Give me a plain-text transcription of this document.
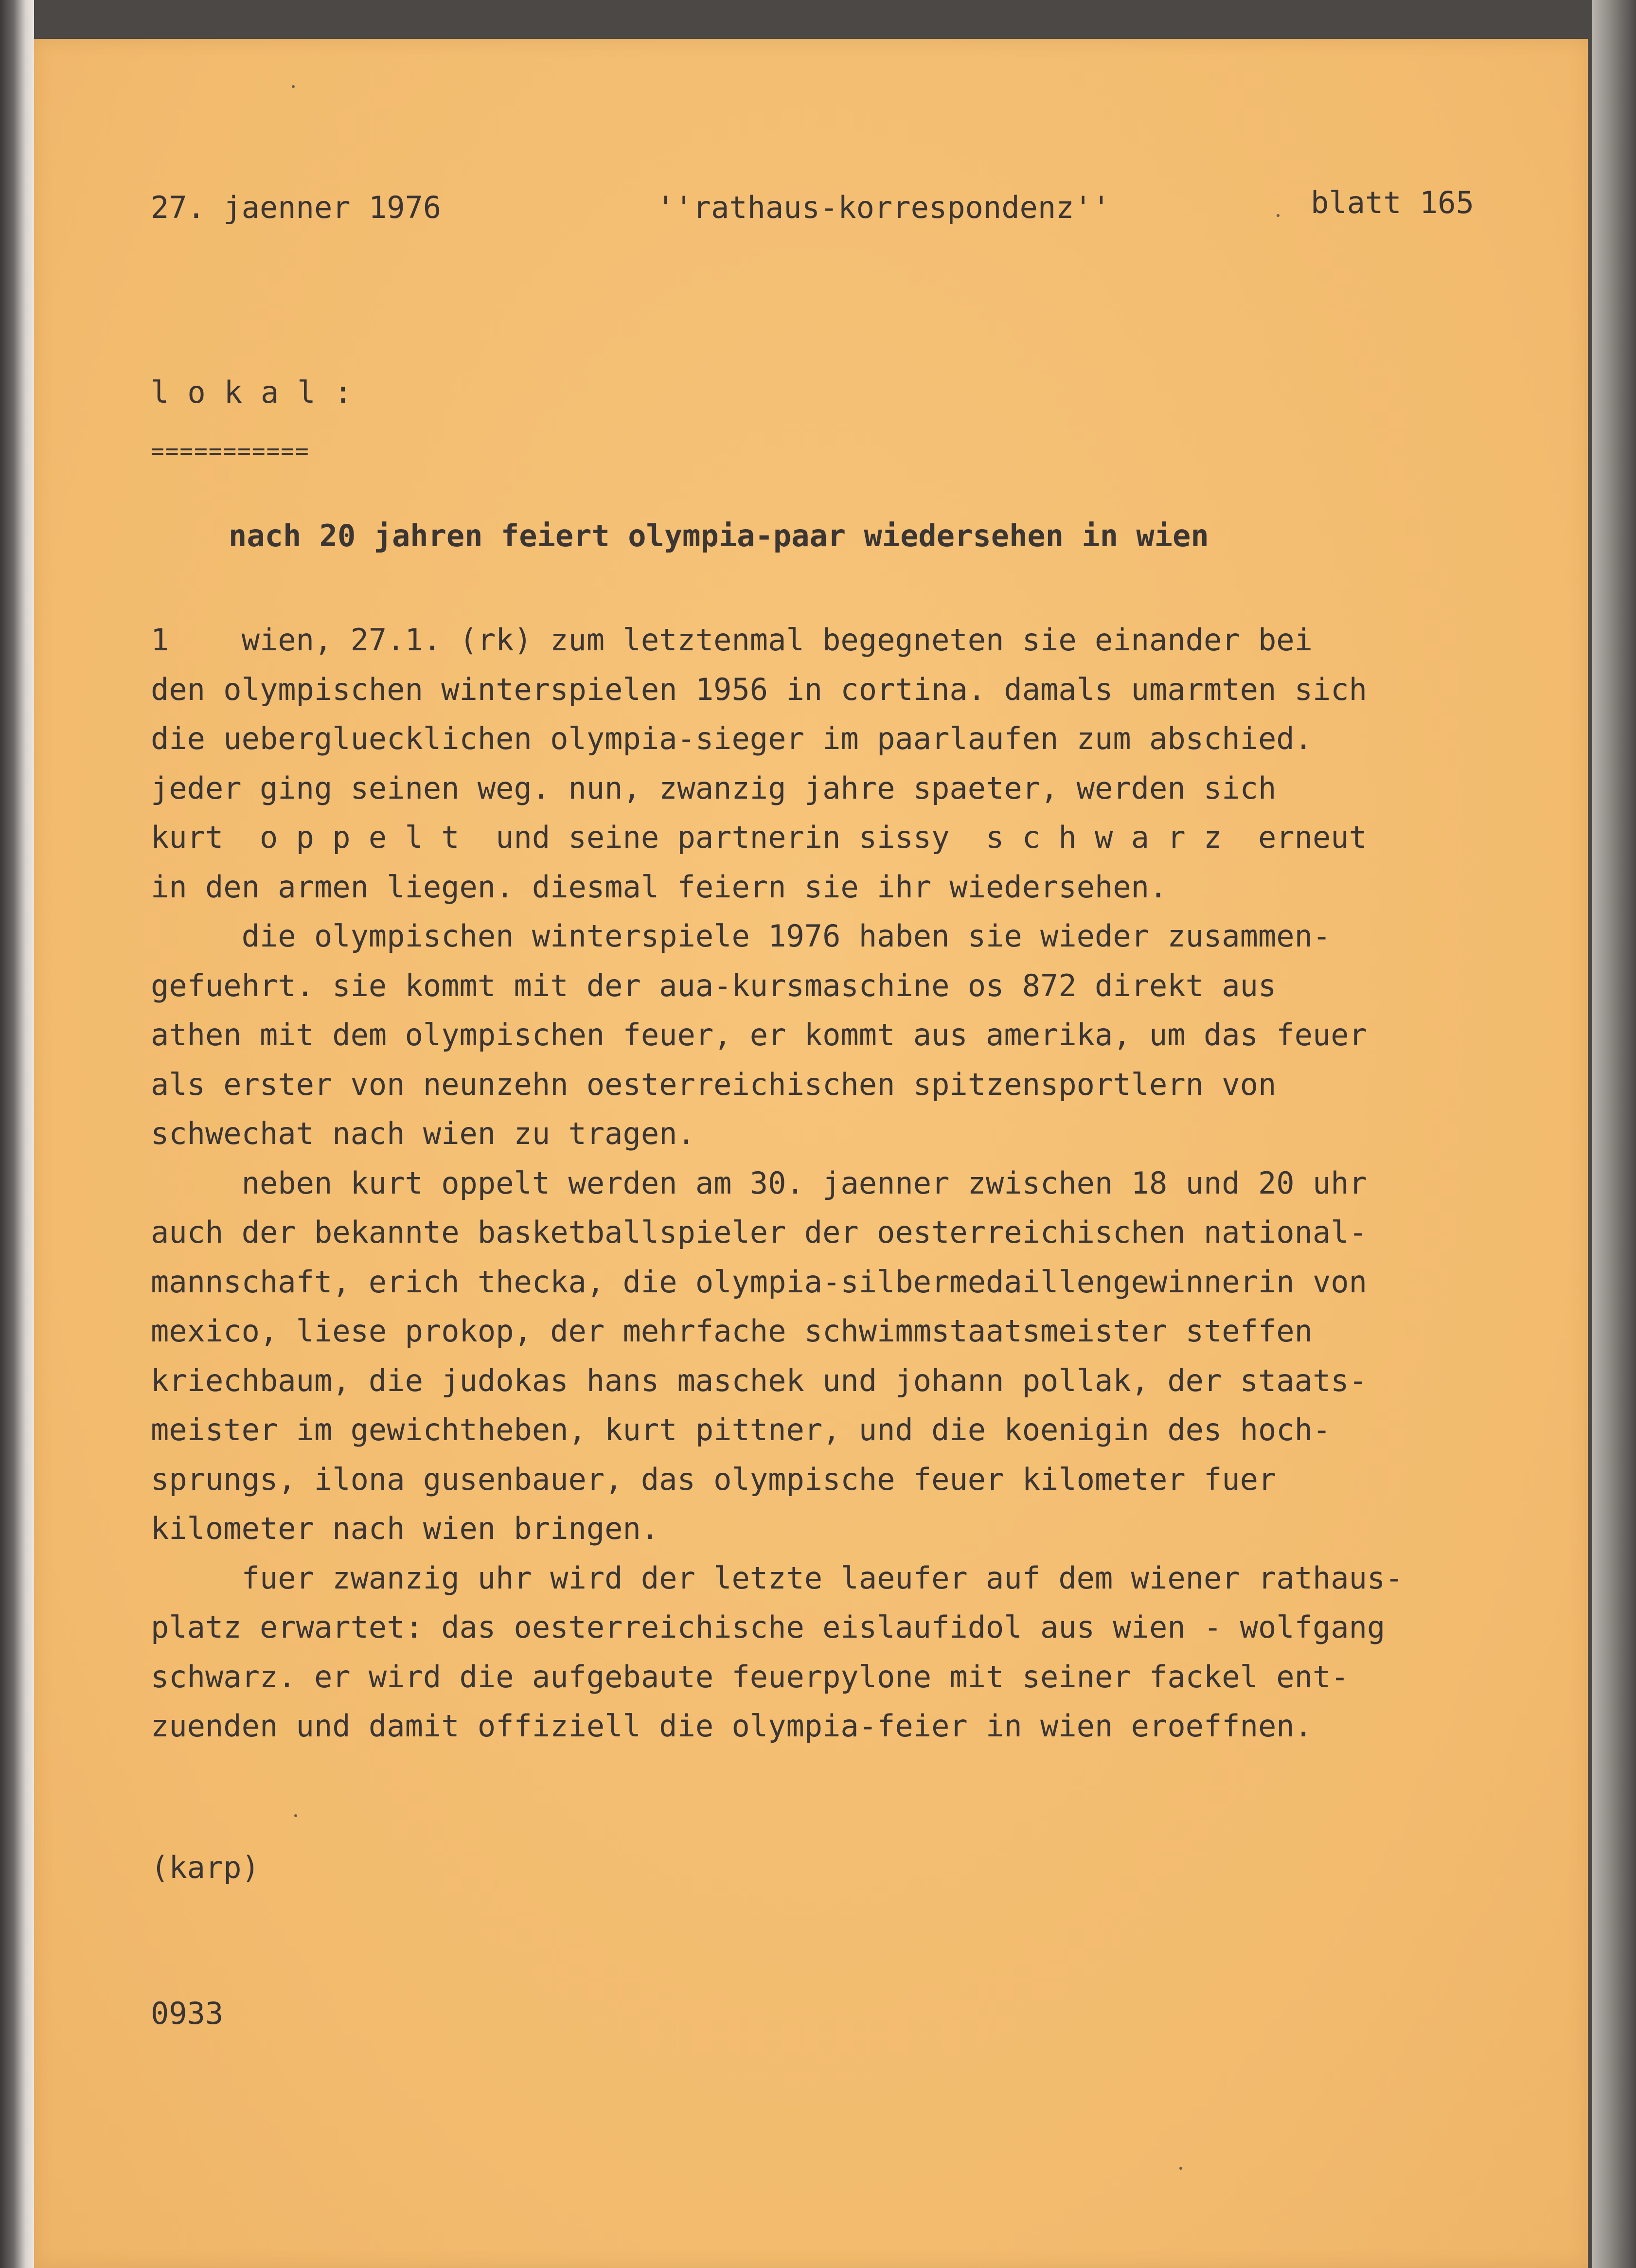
27. jaenner 1976	''rathaus-korrespondenz''	blatt 165
lokal:
===========
nach 20 jahren feiert olympia-paar wiedersehen in wien
1    wien, 27.1. (rk) zum letztenmal begegneten sie einander bei
den olympischen winterspielen 1956 in cortina. damals umarmten sich
die uebergluecklichen olympia-sieger im paarlaufen zum abschied.
jeder ging seinen weg. nun, zwanzig jahre spaeter, werden sich
kurt  o p p e l t  und seine partnerin sissy  s c h w a r z  erneut
in den armen liegen. diesmal feiern sie ihr wiedersehen.
die olympischen winterspiele 1976 haben sie wieder zusammen-
gefuehrt. sie kommt mit der aua-kursmaschine os 872 direkt aus
athen mit dem olympischen feuer, er kommt aus amerika, um das feuer
als erster von neunzehn oesterreichischen spitzensportlern von
schwechat nach wien zu tragen.
neben kurt oppelt werden am 30. jaenner zwischen 18 und 20 uhr
auch der bekannte basketballspieler der oesterreichischen national-
mannschaft, erich thecka, die olympia-silbermedaillengewinnerin von
mexico, liese prokop, der mehrfache schwimmstaatsmeister steffen
kriechbaum, die judokas hans maschek und johann pollak, der staats-
meister im gewichtheben, kurt pittner, und die koenigin des hoch-
sprungs, ilona gusenbauer, das olympische feuer kilometer fuer
kilometer nach wien bringen.
fuer zwanzig uhr wird der letzte laeufer auf dem wiener rathaus-
platz erwartet: das oesterreichische eislaufidol aus wien - wolfgang
schwarz. er wird die aufgebaute feuerpylone mit seiner fackel ent-
zuenden und damit offiziell die olympia-feier in wien eroeffnen.

(karp)

0933
